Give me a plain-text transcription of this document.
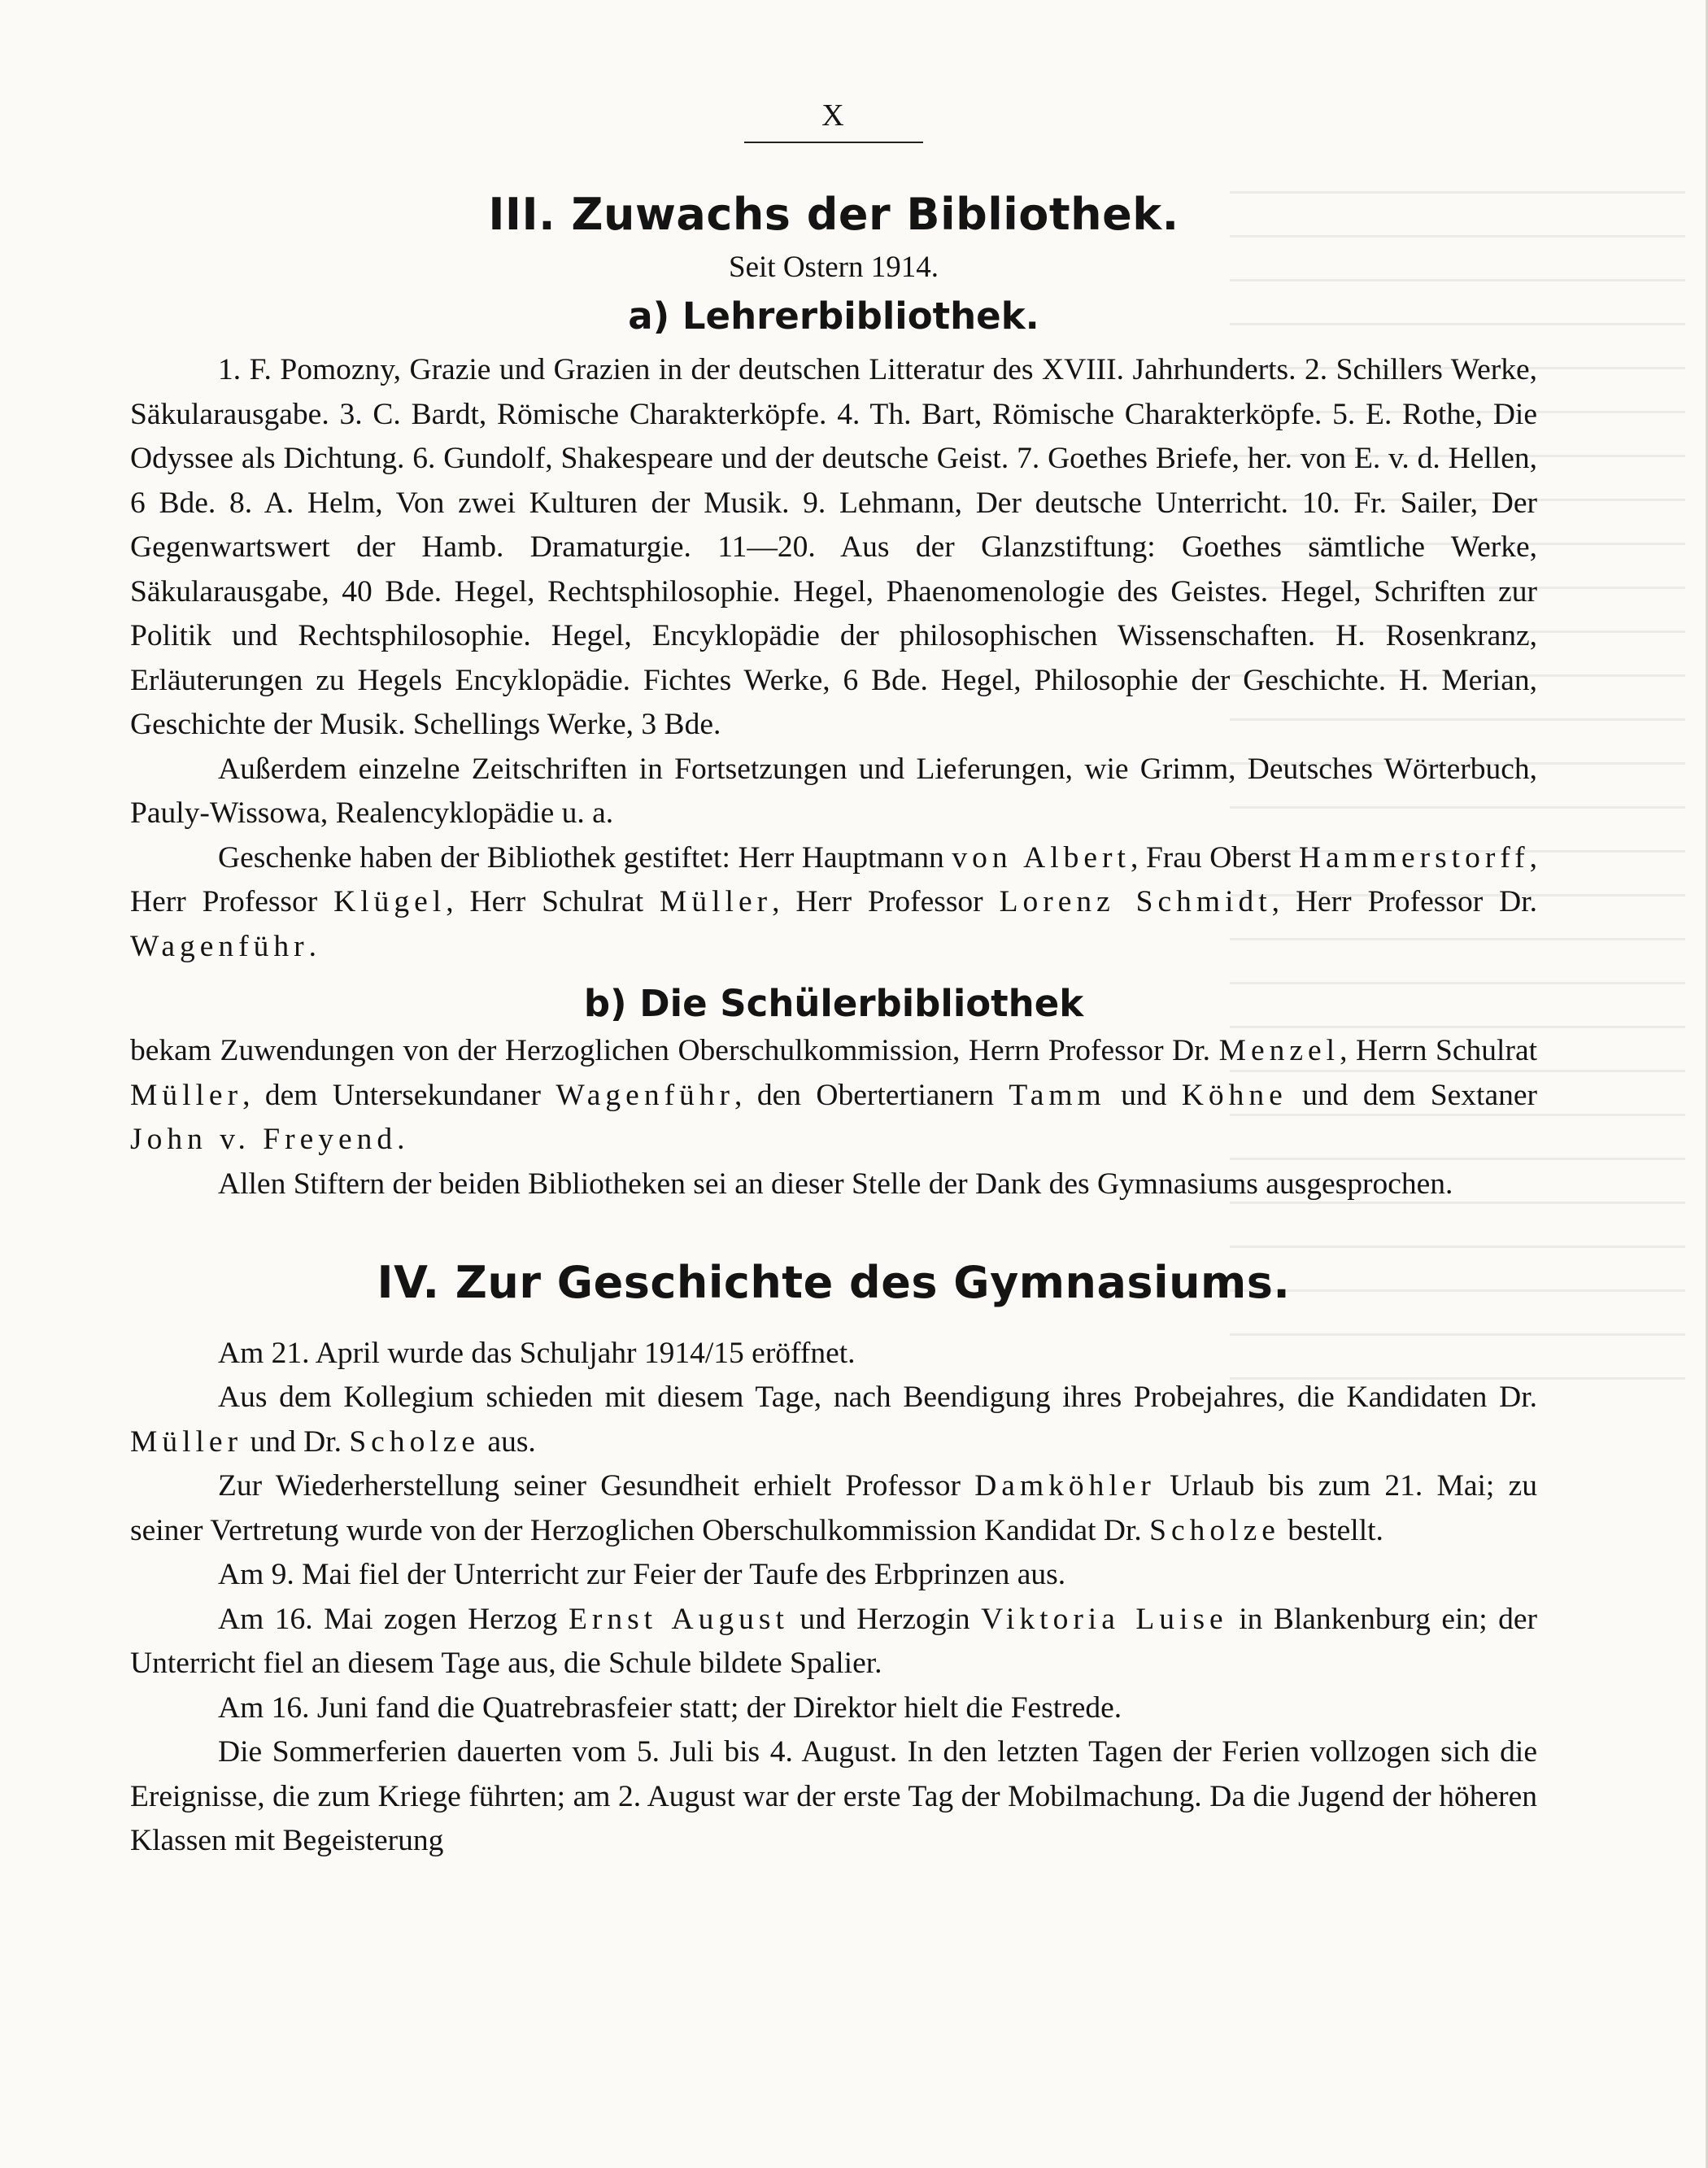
X
III. Zuwachs der Bibliothek.
Seit Ostern 1914.
a) Lehrerbibliothek.

1. F. Pomozny, Grazie und Grazien in der deutschen Litteratur des XVIII. Jahrhunderts. 2. Schillers Werke, Säkularausgabe. 3. C. Bardt, Römische Charakterköpfe. 4. Th. Bart, Römische Charakterköpfe. 5. E. Rothe, Die Odyssee als Dichtung. 6. Gundolf, Shakespeare und der deutsche Geist. 7. Goethes Briefe, her. von E. v. d. Hellen, 6 Bde. 8. A. Helm, Von zwei Kulturen der Musik. 9. Lehmann, Der deutsche Unterricht. 10. Fr. Sailer, Der Gegenwartswert der Hamb. Dramaturgie. 11—20. Aus der Glanzstiftung: Goethes sämtliche Werke, Säkularausgabe, 40 Bde. Hegel, Rechtsphilosophie. Hegel, Phaenomenologie des Geistes. Hegel, Schriften zur Politik und Rechtsphilosophie. Hegel, Encyklopädie der philosophischen Wissenschaften. H. Rosenkranz, Erläuterungen zu Hegels Encyklopädie. Fichtes Werke, 6 Bde. Hegel, Philosophie der Geschichte. H. Merian, Geschichte der Musik. Schellings Werke, 3 Bde.

Außerdem einzelne Zeitschriften in Fortsetzungen und Lieferungen, wie Grimm, Deutsches Wörterbuch, Pauly-Wissowa, Realencyklopädie u. a.

Geschenke haben der Bibliothek gestiftet: Herr Hauptmann von Albert, Frau Oberst Hammerstorff, Herr Professor Klügel, Herr Schulrat Müller, Herr Professor Lorenz Schmidt, Herr Professor Dr. Wagenführ.

b) Die Schülerbibliothek

bekam Zuwendungen von der Herzoglichen Oberschulkommission, Herrn Professor Dr. Menzel, Herrn Schulrat Müller, dem Untersekundaner Wagenführ, den Obertertianern Tamm und Köhne und dem Sextaner John v. Freyend.

Allen Stiftern der beiden Bibliotheken sei an dieser Stelle der Dank des Gymnasiums ausgesprochen.

IV. Zur Geschichte des Gymnasiums.

Am 21. April wurde das Schuljahr 1914/15 eröffnet.

Aus dem Kollegium schieden mit diesem Tage, nach Beendigung ihres Probejahres, die Kandidaten Dr. Müller und Dr. Scholze aus.

Zur Wiederherstellung seiner Gesundheit erhielt Professor Damköhler Urlaub bis zum 21. Mai; zu seiner Vertretung wurde von der Herzoglichen Oberschulkommission Kandidat Dr. Scholze bestellt.

Am 9. Mai fiel der Unterricht zur Feier der Taufe des Erbprinzen aus.

Am 16. Mai zogen Herzog Ernst August und Herzogin Viktoria Luise in Blankenburg ein; der Unterricht fiel an diesem Tage aus, die Schule bildete Spalier.

Am 16. Juni fand die Quatrebrasfeier statt; der Direktor hielt die Festrede.

Die Sommerferien dauerten vom 5. Juli bis 4. August. In den letzten Tagen der Ferien vollzogen sich die Ereignisse, die zum Kriege führten; am 2. August war der erste Tag der Mobilmachung. Da die Jugend der höheren Klassen mit Begeisterung
